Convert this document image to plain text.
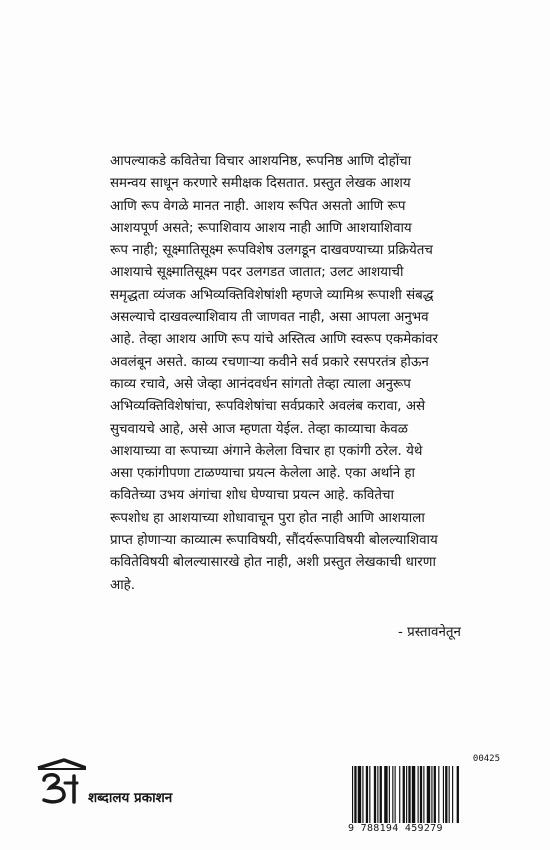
आपल्याकडे कवितेचा विचार आशयनिष्ठ, रूपनिष्ठ आणि दोहोंचा
समन्वय साधून करणारे समीक्षक दिसतात. प्रस्तुत लेखक आशय
आणि रूप वेगळे मानत नाही. आशय रूपित असतो आणि रूप
आशयपूर्ण असते; रूपाशिवाय आशय नाही आणि आशयाशिवाय
रूप नाही; सूक्ष्मातिसूक्ष्म रूपविशेष उलगडून दाखवण्याच्या प्रक्रियेतच
आशयाचे सूक्ष्मातिसूक्ष्म पदर उलगडत जातात; उलट आशयाची
समृद्धता व्यंजक अभिव्यक्तिविशेषांशी म्हणजे व्यामिश्र रूपाशी संबद्ध
असल्याचे दाखवल्याशिवाय ती जाणवत नाही, असा आपला अनुभव
आहे. तेव्हा आशय आणि रूप यांचे अस्तित्व आणि स्वरूप एकमेकांवर
अवलंबून असते. काव्य रचणाऱ्या कवीने सर्व प्रकारे रसपरतंत्र होऊन
काव्य रचावे, असे जेव्हा आनंदवर्धन सांगतो तेव्हा त्याला अनुरूप
अभिव्यक्तिविशेषांचा, रूपविशेषांचा सर्वप्रकारे अवलंब करावा, असे
सुचवायचे आहे, असे आज म्हणता येईल. तेव्हा काव्याचा केवळ
आशयाच्या वा रूपाच्या अंगाने केलेला विचार हा एकांगी ठरेल. येथे
असा एकांगीपणा टाळण्याचा प्रयत्न केलेला आहे. एका अर्थाने हा
कवितेच्या उभय अंगांचा शोध घेण्याचा प्रयत्न आहे. कवितेचा
रूपशोध हा आशयाच्या शोधावाचून पुरा होत नाही आणि आशयाला
प्राप्त होणाऱ्या काव्यात्म रूपाविषयी, सौंदर्यरूपाविषयी बोलल्याशिवाय
कवितेविषयी बोलल्यासारखे होत नाही, अशी प्रस्तुत लेखकाची धारणा
आहे.
- प्रस्तावनेतून
शब्दालय प्रकाशन
00425
9 788194 459279
